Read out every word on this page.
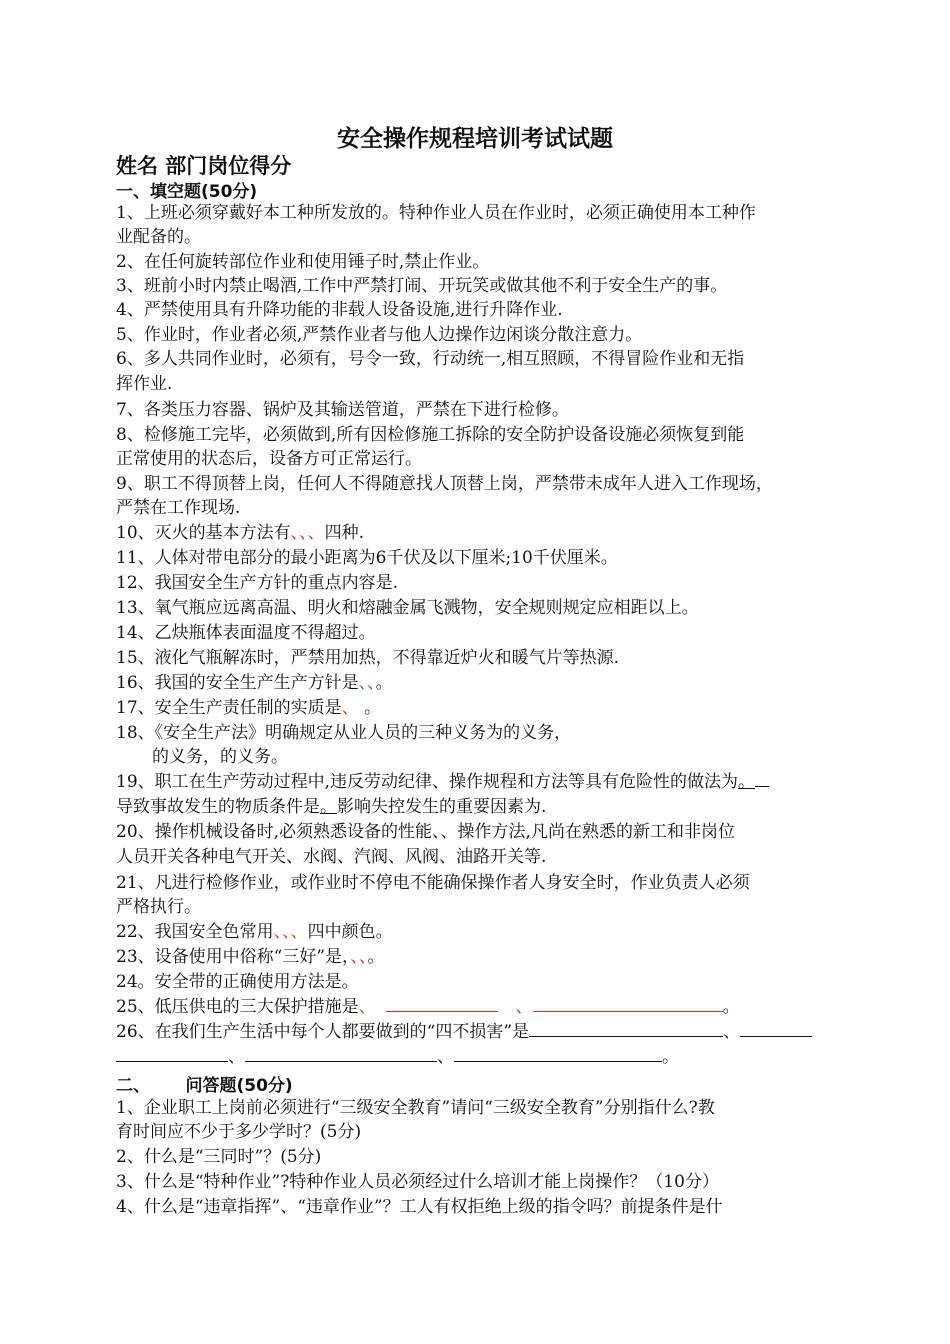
安全操作规程培训考试试题
姓名 部门岗位得分
一、填空题(50分)
1、上班必须穿戴好本工种所发放的。特种作业人员在作业时，必须正确使用本工种作
业配备的。
2、在任何旋转部位作业和使用锤子时,禁止作业。
3、班前小时内禁止喝酒,工作中严禁打闹、开玩笑或做其他不利于安全生产的事。
4、严禁使用具有升降功能的非载人设备设施,进行升降作业.
5、作业时，作业者必须,严禁作业者与他人边操作边闲谈分散注意力。
6、多人共同作业时，必须有，号令一致，行动统一,相互照顾，不得冒险作业和无指
挥作业.
7、各类压力容器、锅炉及其输送管道，严禁在下进行检修。
8、检修施工完毕，必须做到,所有因检修施工拆除的安全防护设备设施必须恢复到能
正常使用的状态后，设备方可正常运行。
9、职工不得顶替上岗，任何人不得随意找人顶替上岗，严禁带未成年人进入工作现场，
严禁在工作现场.
10、灭火的基本方法有、、、四种.
11、人体对带电部分的最小距离为6千伏及以下厘米;10千伏厘米。
12、我国安全生产方针的重点内容是.
13、氧气瓶应远离高温、明火和熔融金属飞溅物，安全规则规定应相距以上。
14、乙炔瓶体表面温度不得超过。
15、液化气瓶解冻时，严禁用加热，不得靠近炉火和暖气片等热源.
16、我国的安全生产生产方针是、、。
17、安全生产责任制的实质是、 。
18、《安全生产法》明确规定从业人员的三种义务为的义务，
的义务，的义务。
19、职工在生产劳动过程中,违反劳动纪律、操作规程和方法等具有危险性的做法为。
导致事故发生的物质条件是。影响失控发生的重要因素为.
20、操作机械设备时,必须熟悉设备的性能、、操作方法,凡尚在熟悉的新工和非岗位
人员开关各种电气开关、水阀、汽阀、风阀、油路开关等.
21、凡进行检修作业，或作业时不停电不能确保操作者人身安全时，作业负责人必须
严格执行。
22、我国安全色常用、、、四中颜色。
23、设备使用中俗称“三好”是，、、。
24。安全带的正确使用方法是。
25、低压供电的三大保护措施是、	、	。
26、在我们生产生活中每个人都要做到的“四不损害”是	、
、	、	。
二、      问答题(50分)
1、企业职工上岗前必须进行“三级安全教育”请问“三级安全教育”分别指什么?教
育时间应不少于多少学时？(5分)
2、什么是“三同时”？(5分)
3、什么是“特种作业”?特种作业人员必须经过什么培训才能上岗操作？（10分）
4、什么是“违章指挥”、“违章作业”？工人有权拒绝上级的指令吗？前提条件是什
